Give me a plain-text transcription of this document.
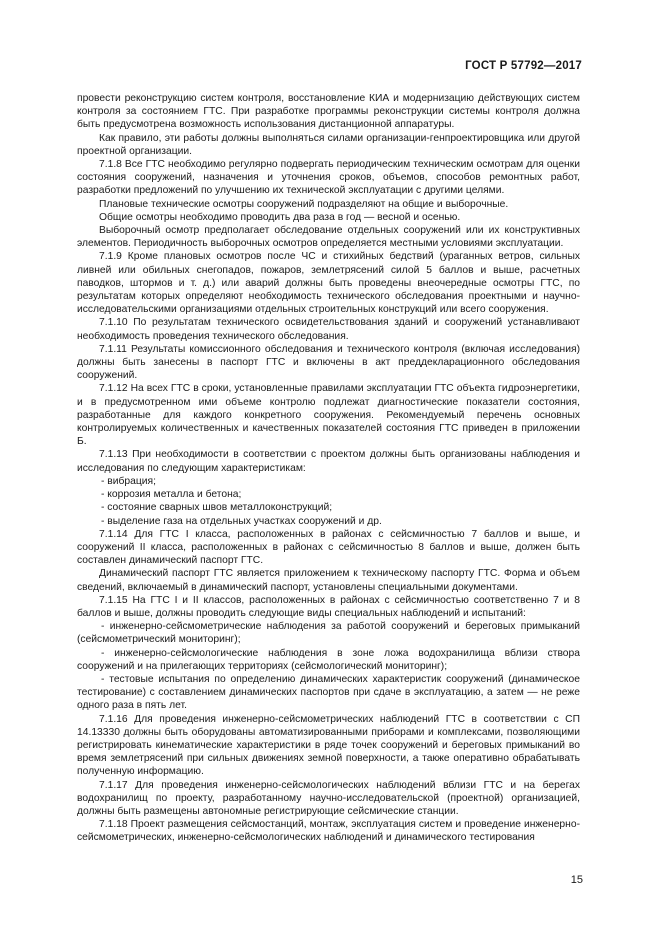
ГОСТ Р 57792—2017

провести реконструкцию систем контроля, восстановление КИА и модернизацию действующих систем контроля за состоянием ГТС. При разработке программы реконструкции системы контроля должна быть предусмотрена возможность использования дистанционной аппаратуры.

Как правило, эти работы должны выполняться силами организации-генпроектировщика или другой проектной организации.

7.1.8 Все ГТС необходимо регулярно подвергать периодическим техническим осмотрам для оценки состояния сооружений, назначения и уточнения сроков, объемов, способов ремонтных работ, разработки предложений по улучшению их технической эксплуатации с другими целями.

Плановые технические осмотры сооружений подразделяют на общие и выборочные.

Общие осмотры необходимо проводить два раза в год — весной и осенью.

Выборочный осмотр предполагает обследование отдельных сооружений или их конструктивных элементов. Периодичность выборочных осмотров определяется местными условиями эксплуатации.

7.1.9 Кроме плановых осмотров после ЧС и стихийных бедствий (ураганных ветров, сильных ливней или обильных снегопадов, пожаров, землетрясений силой 5 баллов и выше, расчетных паводков, штормов и т. д.) или аварий должны быть проведены внеочередные осмотры ГТС, по результатам которых определяют необходимость технического обследования проектными и научно-исследовательскими организациями отдельных строительных конструкций или всего сооружения.

7.1.10 По результатам технического освидетельствования зданий и сооружений устанавливают необходимость проведения технического обследования.

7.1.11 Результаты комиссионного обследования и технического контроля (включая исследования) должны быть занесены в паспорт ГТС и включены в акт преддекларационного обследования сооружений.

7.1.12 На всех ГТС в сроки, установленные правилами эксплуатации ГТС объекта гидроэнергетики, и в предусмотренном ими объеме контролю подлежат диагностические показатели состояния, разработанные для каждого конкретного сооружения. Рекомендуемый перечень основных контролируемых количественных и качественных показателей состояния ГТС приведен в приложении Б.

7.1.13 При необходимости в соответствии с проектом должны быть организованы наблюдения и исследования по следующим характеристикам:

- вибрация;

- коррозия металла и бетона;

- состояние сварных швов металлоконструкций;

- выделение газа на отдельных участках сооружений и др.

7.1.14 Для ГТС I класса, расположенных в районах с сейсмичностью 7 баллов и выше, и сооружений II класса, расположенных в районах с сейсмичностью 8 баллов и выше, должен быть составлен динамический паспорт ГТС.

Динамический паспорт ГТС является приложением к техническому паспорту ГТС. Форма и объем сведений, включаемый в динамический паспорт, установлены специальными документами.

7.1.15 На ГТС I и II классов, расположенных в районах с сейсмичностью соответственно 7 и 8 баллов и выше, должны проводить следующие виды специальных наблюдений и испытаний:

- инженерно-сейсмометрические наблюдения за работой сооружений и береговых примыканий (сейсмометрический мониторинг);

- инженерно-сейсмологические наблюдения в зоне ложа водохранилища вблизи створа сооружений и на прилегающих территориях (сейсмологический мониторинг);

- тестовые испытания по определению динамических характеристик сооружений (динамическое тестирование) с составлением динамических паспортов при сдаче в эксплуатацию, а затем — не реже одного раза в пять лет.

7.1.16 Для проведения инженерно-сейсмометрических наблюдений ГТС в соответствии с СП 14.13330 должны быть оборудованы автоматизированными приборами и комплексами, позволяющими регистрировать кинематические характеристики в ряде точек сооружений и береговых примыканий во время землетрясений при сильных движениях земной поверхности, а также оперативно обрабатывать полученную информацию.

7.1.17 Для проведения инженерно-сейсмологических наблюдений вблизи ГТС и на берегах водохранилищ по проекту, разработанному научно-исследовательской (проектной) организацией, должны быть размещены автономные регистрирующие сейсмические станции.

7.1.18 Проект размещения сейсмостанций, монтаж, эксплуатация систем и проведение инженерно-сейсмометрических, инженерно-сейсмологических наблюдений и динамического тестирования

15
